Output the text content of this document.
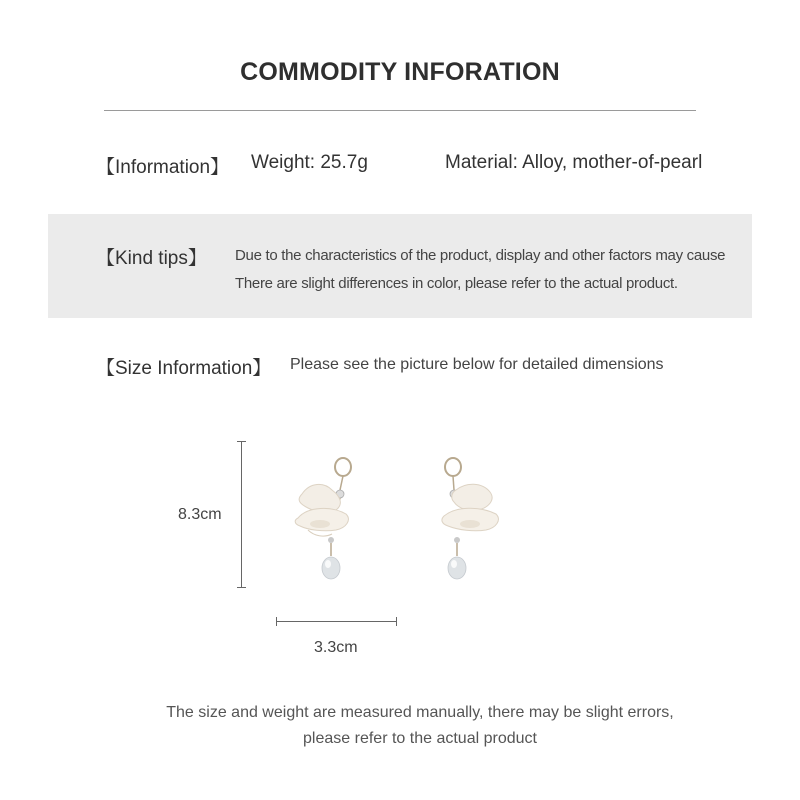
COMMODITY INFORATION
【Information】 Weight: 25.7g	Material: Alloy, mother-of-pearl
【Kind tips】 Due to the characteristics of the product, display and other factors may cause
There are slight differences in color, please refer to the actual product.
【Size Information】 Please see the picture below for detailed dimensions
8.3cm
3.3cm
The size and weight are measured manually, there may be slight errors,
please refer to the actual product
